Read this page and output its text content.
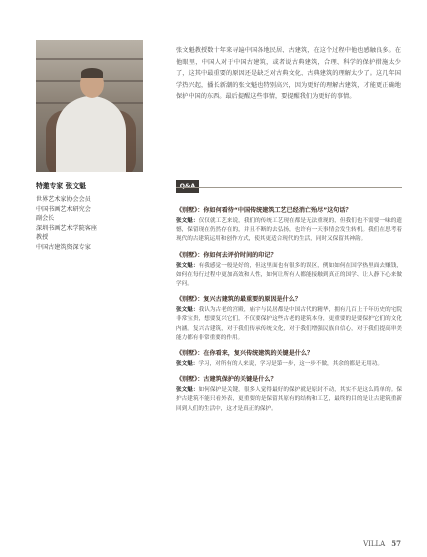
张文魁教授数十年来寻遍中国各地民居、古建筑，在这个过程中他也感触良多。在他眼里，中国人对于中国古建筑，或者说古典建筑，合理、科学的保护措施太少了，这其中最重要的原因还是缺乏对古典文化、古典建筑的理解太少了。这几年国学热兴起，播长新潮的张文魁也特别高兴，因为更好的理解古建筑，才能更正确地保护中国的东西。最后提醒这些事情，要提醒我们为更好的事情。

特邀专家 张文魁

世界艺术家协会会员

中国书画艺术研究会

副会长

深圳书画艺术学院客座

教授

中国古建筑资深专家

《别墅》：你如何看待“中国传统建筑工艺已经消亡殆尽”这句话？

张文魁：仅仅就工艺来说，我们的传统工艺现在都是无法重现的，但我们也不需要一味的遗憾，保留现在仍然存在的，并且不断的去弘扬，也许有一天事情会发生转机。我们在思考着现代的古建筑运用和创作方式，使其更适合现代的生活，同时又保留其神韵。

《别墅》：你如何去评价时间的印记？

张文魁：有我感觉一般是好的，但这里面也有很多的误区，例如如何在国学热里面去赚钱，如何在每行过程中更加高效和人性，如何让所有人都能接触到真正的国学、让人静下心来做学问。

《别墅》：复兴古建筑的最重要的原因是什么？

张文魁：我认为古老的宫殿，庙宇与民居都是中国古代的精华，拥有几百上千年历史的宅院非常宝贵，想要复兴它们，不仅要保护这些古老的建筑本身，更重要的是要保护它们的文化内涵。复兴古建筑，对于我们传承传统文化，对于我们增强民族自信心，对于我们提高审美能力都有非常重要的作用。

《别墅》：在你看来，复兴传统建筑的关键是什么？

张文魁：学习，对所有的人来说，学习是第一步，这一步不做，其余的都是无用功。

《别墅》：古建筑保护的关键是什么？

张文魁：如何保护是关键，很多人觉得最好的保护就是原封不动，其实不是这么简单的。保护古建筑不能只看外表，更重要的是保留其原有的结构和工艺，最终的目的是让古建筑重新回到人们的生活中，这才是真正的保护。

VILLA 57
